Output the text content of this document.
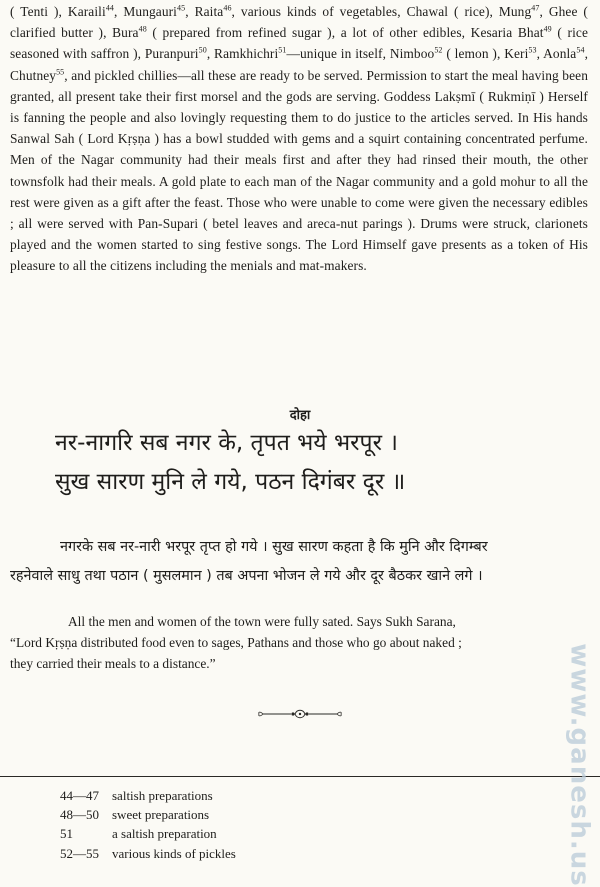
( Tenti ), Karaili$^{44}$, Mungauri$^{45}$, Raita$^{46}$, various kinds of vegetables, Chawal ( rice), Mung$^{47}$, Ghee ( clarified butter ), Bura$^{48}$ ( prepared from refined sugar ), a lot of other edibles, Kesaria Bhat$^{49}$ ( rice seasoned with saffron ), Puranpuri$^{50}$, Ramkhichri$^{51}$—unique in itself, Nimboo$^{52}$ ( lemon ), Keri$^{53}$, Aonla$^{54}$, Chutney$^{55}$, and pickled chillies—all these are ready to be served. Permission to start the meal having been granted, all present take their first morsel and the gods are serving. Goddess Lakṣmī ( Rukmiṇī ) Herself is fanning the people and also lovingly requesting them to do justice to the articles served. In His hands Sanwal Sah ( Lord Kṛṣṇa ) has a bowl studded with gems and a squirt containing concentrated perfume. Men of the Nagar community had their meals first and after they had rinsed their mouth, the other townsfolk had their meals. A gold plate to each man of the Nagar community and a gold mohur to all the rest were given as a gift after the feast. Those who were unable to come were given the necessary edibles ; all were served with Pan-Supari ( betel leaves and areca-nut parings ). Drums were struck, clarionets played and the women started to sing festive songs. The Lord Himself gave presents as a token of His pleasure to all the citizens including the menials and mat-makers.

दोहा

नर-नागरि सब नगर के, तृपत भये भरपूर ।

सुख सारण मुनि ले गये, पठन दिगंबर दूर ॥

नगरके सब नर-नारी भरपूर तृप्त हो गये । सुख सारण कहता है कि मुनि और दिगम्बर

रहनेवाले साधु तथा पठान ( मुसलमान ) तब अपना भोजन ले गये और दूर बैठकर खाने लगे ।

All the men and women of the town were fully sated. Says Sukh Sarana,
“Lord Kṛṣṇa distributed food even to sages, Pathans and those who go about naked ;
they carried their meals to a distance.”

44—47	saltish preparations
48—50	sweet preparations
51	a saltish preparation
52—55	various kinds of pickles	www.ganesh.us
